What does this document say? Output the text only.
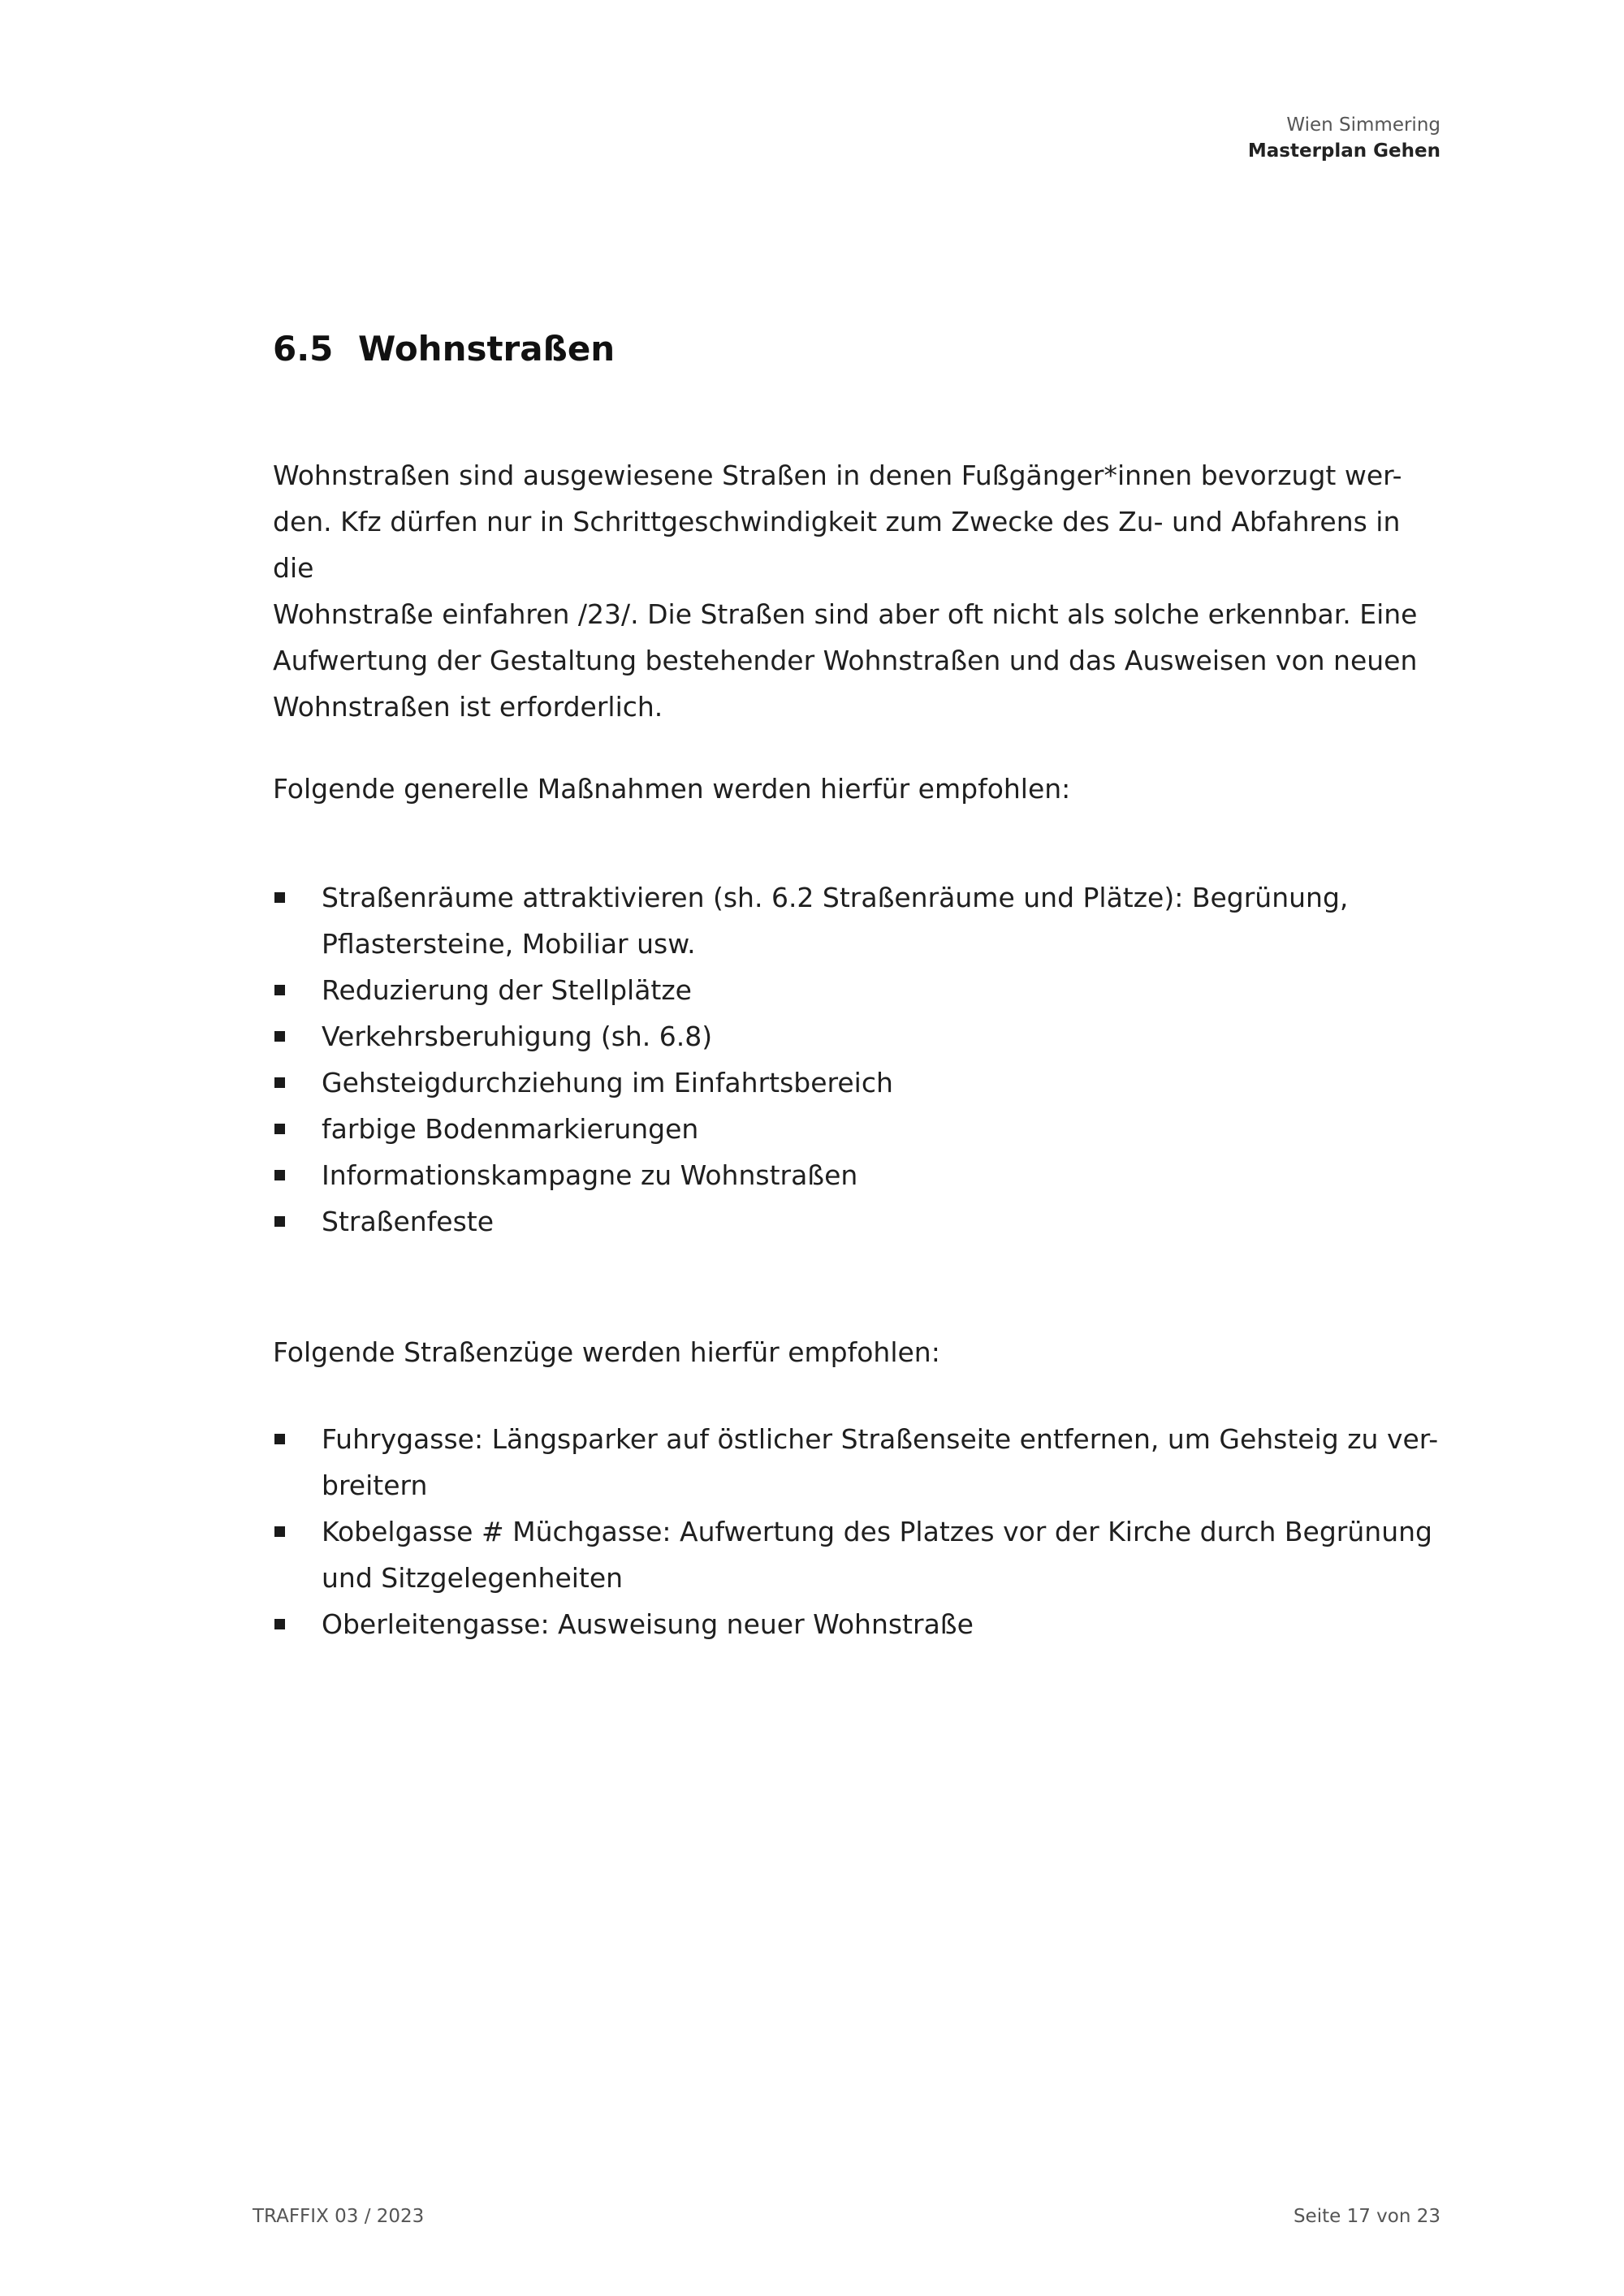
Wien Simmering
Masterplan Gehen
6.5 Wohnstraßen

Wohnstraßen sind ausgewiesene Straßen in denen Fußgänger*innen bevorzugt wer-
den. Kfz dürfen nur in Schrittgeschwindigkeit zum Zwecke des Zu- und Abfahrens in die
Wohnstraße einfahren /23/. Die Straßen sind aber oft nicht als solche erkennbar. Eine
Aufwertung der Gestaltung bestehender Wohnstraßen und das Ausweisen von neuen
Wohnstraßen ist erforderlich.

Folgende generelle Maßnahmen werden hierfür empfohlen:

Straßenräume attraktivieren (sh. 6.2 Straßenräume und Plätze): Begrünung,
Pflastersteine, Mobiliar usw.
Reduzierung der Stellplätze
Verkehrsberuhigung (sh. 6.8)
Gehsteigdurchziehung im Einfahrtsbereich
farbige Bodenmarkierungen
Informationskampagne zu Wohnstraßen
Straßenfeste

Folgende Straßenzüge werden hierfür empfohlen:

Fuhrygasse: Längsparker auf östlicher Straßenseite entfernen, um Gehsteig zu ver-
breitern
Kobelgasse # Müchgasse: Aufwertung des Platzes vor der Kirche durch Begrünung
und Sitzgelegenheiten
Oberleitengasse: Ausweisung neuer Wohnstraße
TRAFFIX 03 / 2023	Seite 17 von 23
